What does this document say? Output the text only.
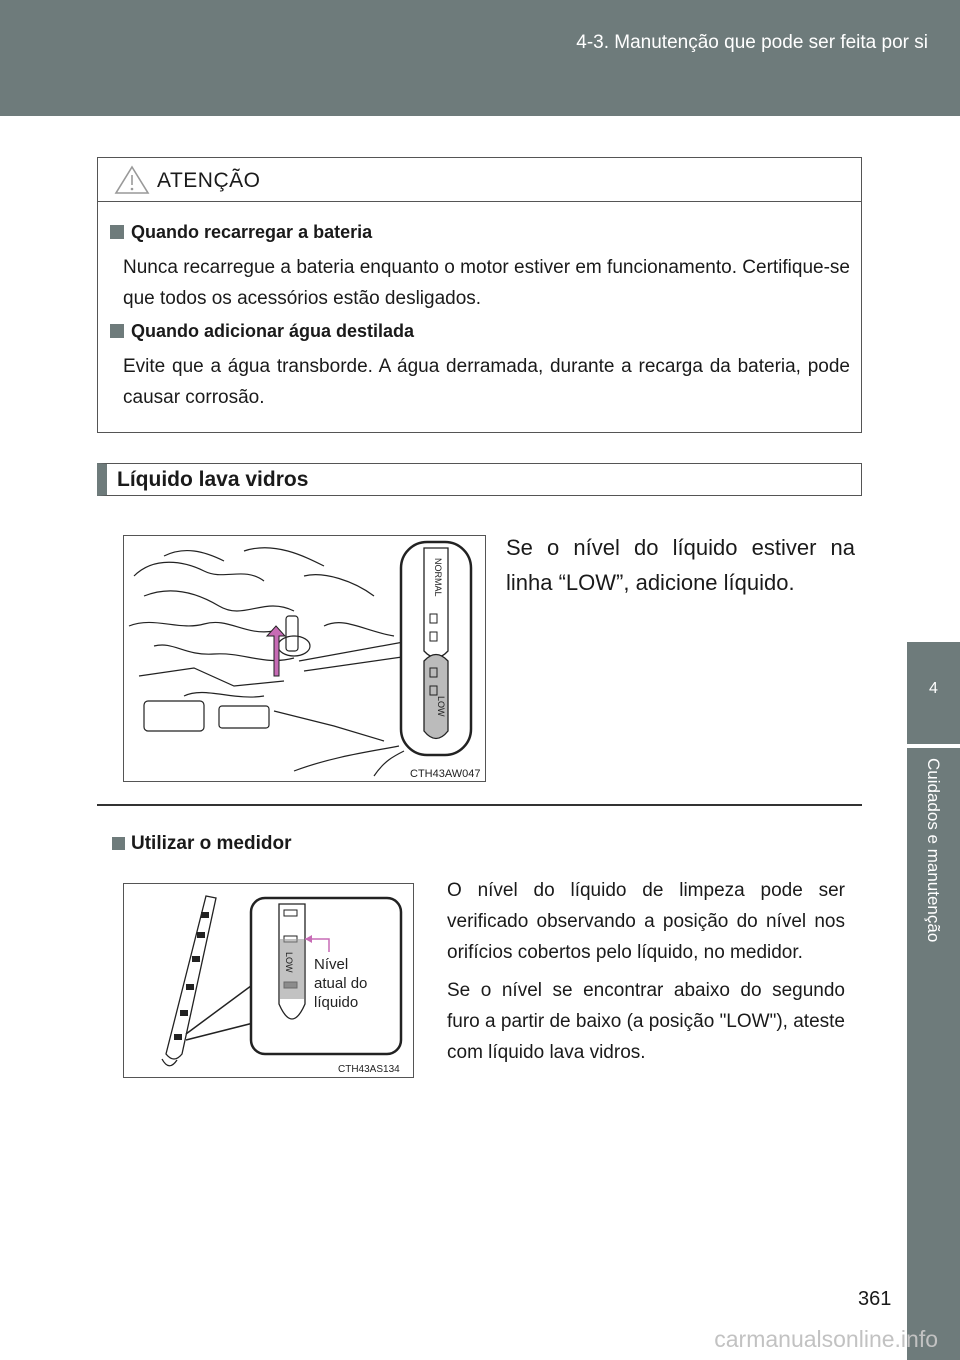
4-3. Manutenção que pode ser feita por si
4
Cuidados e manutenção
ATENÇÃO
Quando recarregar a bateria
Nunca recarregue a bateria enquanto o motor estiver em funcionamento. Certifique-se que todos os acessórios estão desligados.
Quando adicionar água destilada
Evite que a água transborde. A água derramada, durante a recarga da bateria, pode causar corrosão.
Líquido lava vidros
NORMAL
LOW
CTH43AW047
Se o nível do líquido estiver na linha “LOW”, adicione líquido.
Utilizar o medidor
LOW Nível
atual do
líquido
CTH43AS134

O nível do líquido de limpeza pode ser verificado observando a posição do nível nos orifícios cobertos pelo líquido, no medidor.

Se o nível se encontrar abaixo do segundo furo a partir de baixo (a posição "LOW"), ateste com líquido lava vidros.

361
carmanualsonline.info
